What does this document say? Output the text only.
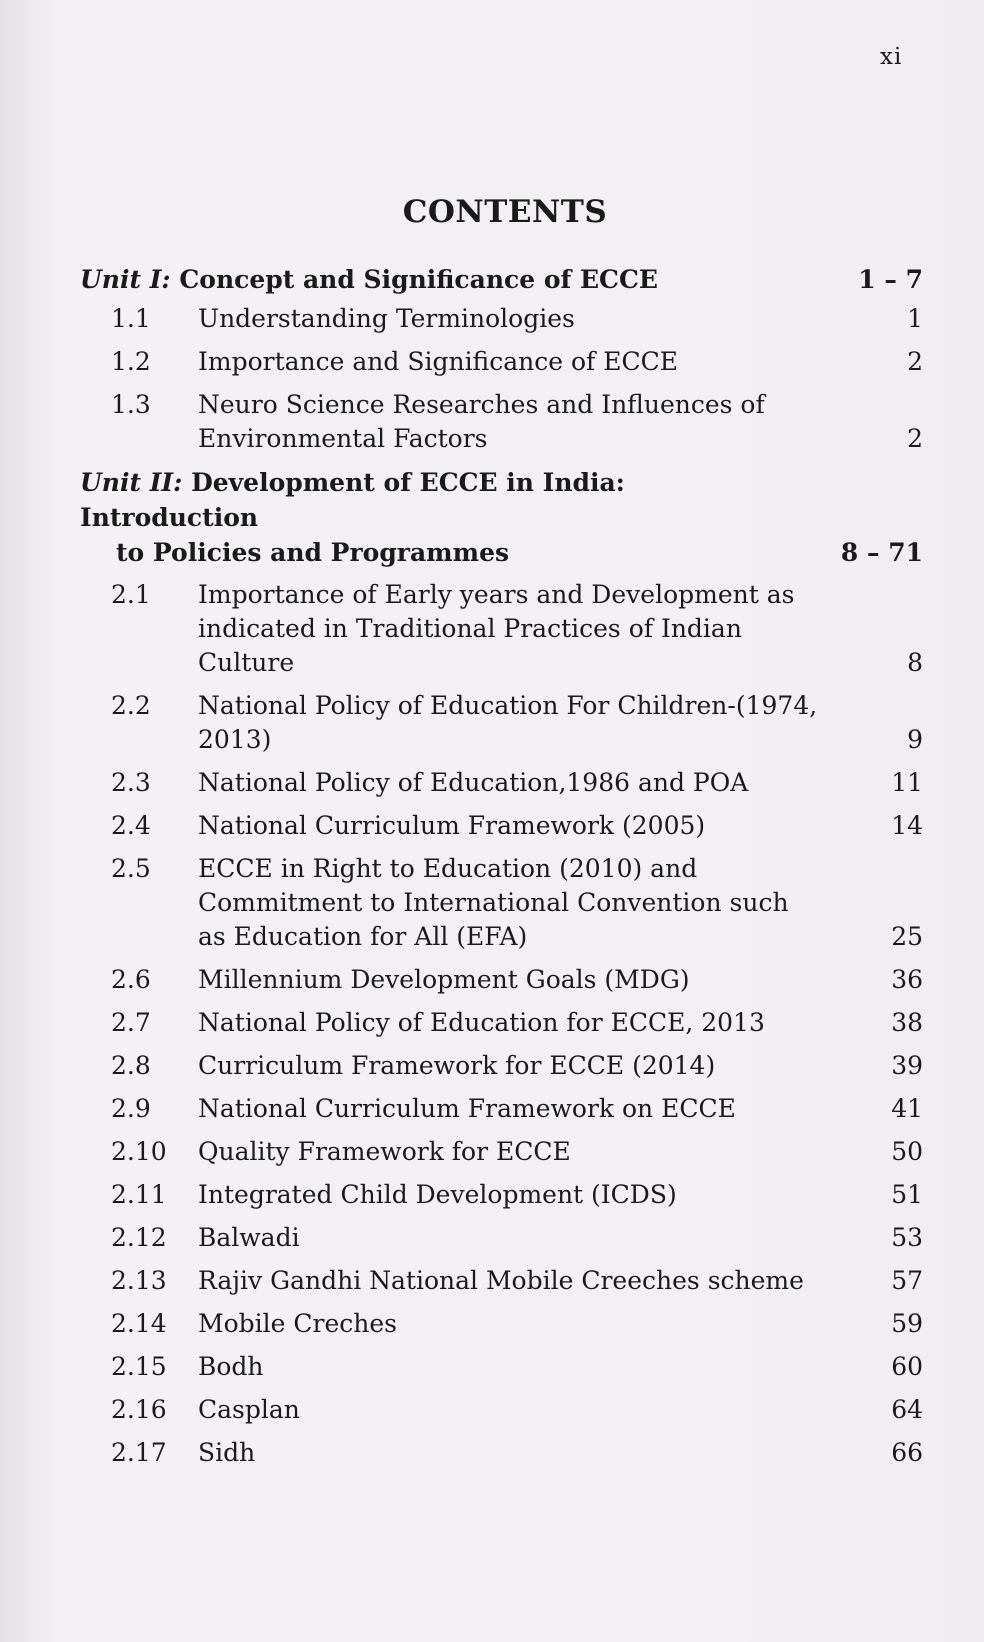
xi
CONTENTS
Unit I: Concept and Significance of ECCE	1 – 7
1.1	Understanding Terminologies	1
1.2	Importance and Significance of ECCE	2
1.3	Neuro Science Researches and Influences of Environmental Factors	2
Unit II: Development of ECCE in India: Introduction
to Policies and Programmes	8 – 71
2.1	Importance of Early years and Development as indicated in Traditional Practices of Indian Culture	8
2.2	National Policy of Education For Children-(1974, 2013)	9
2.3	National Policy of Education,1986 and POA	11
2.4	National Curriculum Framework (2005)	14
2.5	ECCE in Right to Education (2010) and Commitment to International Convention such as Education for All (EFA)	25
2.6	Millennium Development Goals (MDG)	36
2.7	National Policy of Education for ECCE, 2013	38
2.8	Curriculum Framework for ECCE (2014)	39
2.9	National Curriculum Framework on ECCE	41
2.10	Quality Framework for ECCE	50
2.11	Integrated Child Development (ICDS)	51
2.12	Balwadi	53
2.13	Rajiv Gandhi National Mobile Creeches scheme	57
2.14	Mobile Creches	59
2.15	Bodh	60
2.16	Casplan	64
2.17	Sidh	66
